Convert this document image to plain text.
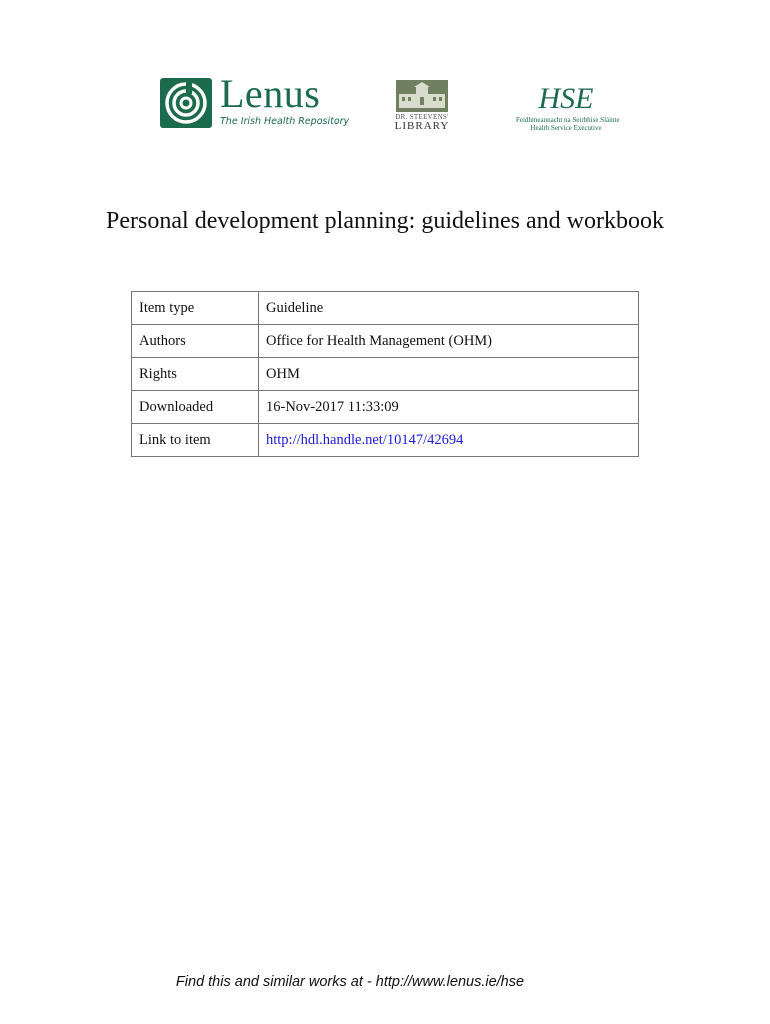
Lenus
The Irish Health Repository	DR. STEEVENS'
LIBRARY
HSE
Feidhmeannacht na Seirbhíse Sláinte
Health Service Executive
Personal development planning: guidelines and workbook
Item type	Guideline
Authors	Office for Health Management (OHM)
Rights	OHM
Downloaded	16-Nov-2017 11:33:09
Link to item	http://hdl.handle.net/10147/42694
Find this and similar works at - http://www.lenus.ie/hse
